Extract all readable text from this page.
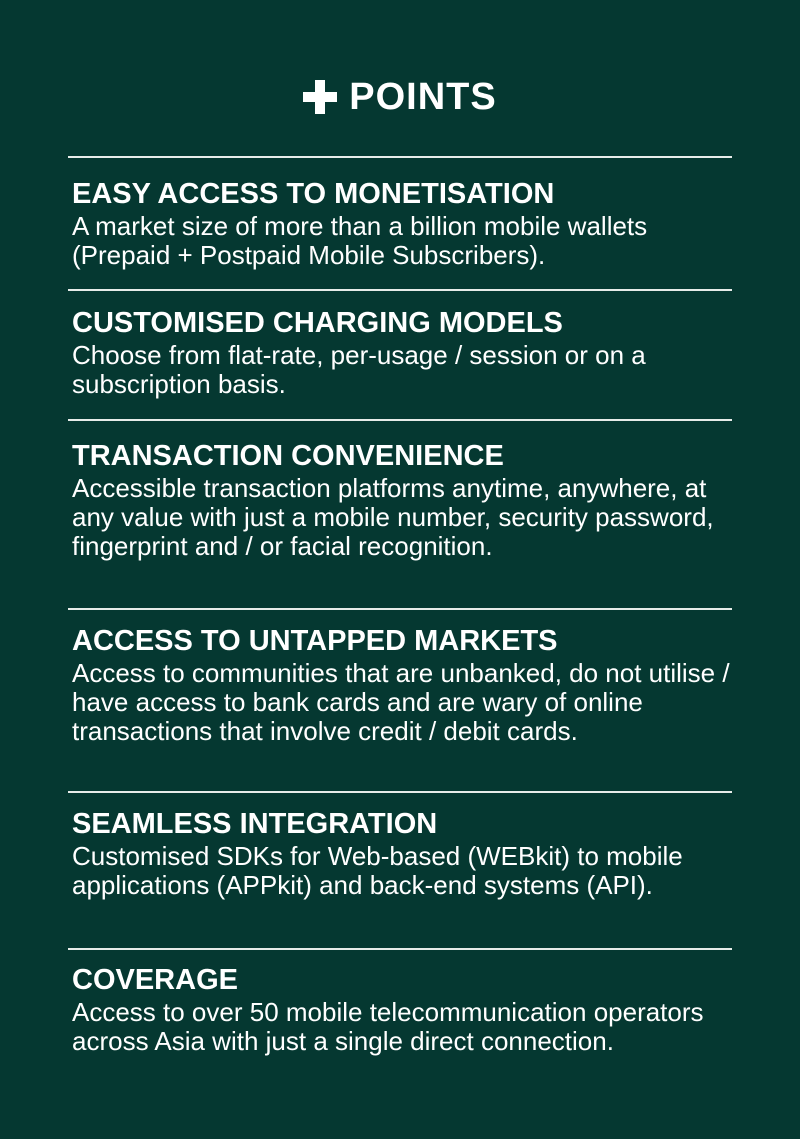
POINTS
EASY ACCESS TO MONETISATION

A market size of more than a billion mobile wallets (Prepaid + Postpaid Mobile Subscribers).

CUSTOMISED CHARGING MODELS

Choose from flat-rate, per-usage / session or on a subscription basis.

TRANSACTION CONVENIENCE

Accessible transaction platforms anytime, anywhere, at any value with just a mobile number, security password, fingerprint and / or facial recognition.

ACCESS TO UNTAPPED MARKETS

Access to communities that are unbanked, do not utilise / have access to bank cards and are wary of online transactions that involve credit / debit cards.

SEAMLESS INTEGRATION

Customised SDKs for Web-based (WEBkit) to mobile applications (APPkit) and back-end systems (API).

COVERAGE

Access to over 50 mobile telecommunication operators across Asia with just a single direct connection.
